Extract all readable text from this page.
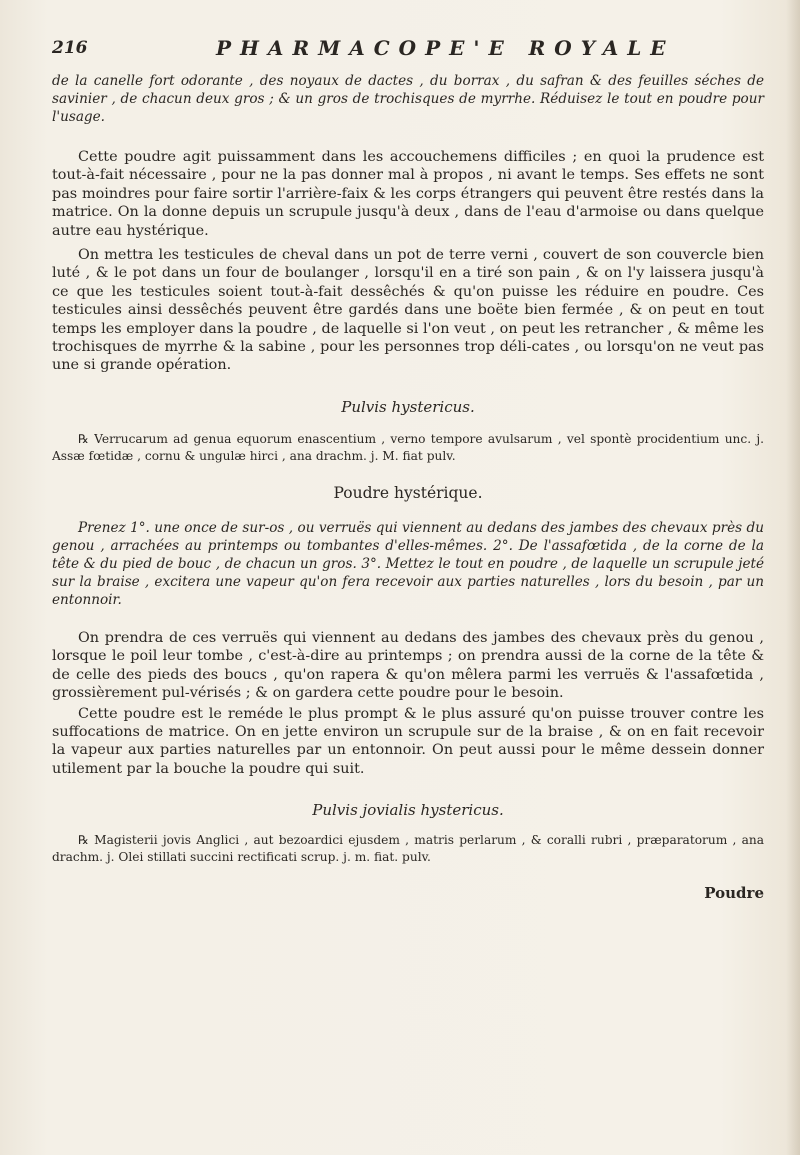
216	PHARMACOPE'E ROYALE

de la canelle fort odorante , des noyaux de dactes , du borrax , du safran & des feuilles séches de savinier , de chacun deux gros ; & un gros de trochisques de myrrhe. Réduisez le tout en poudre pour l'usage.

Cette poudre agit puissamment dans les accouchemens difficiles ; en quoi la prudence est tout-à-fait nécessaire , pour ne la pas donner mal à propos , ni avant le temps. Ses effets ne sont pas moindres pour faire sortir l'arrière-faix & les corps étrangers qui peuvent être restés dans la matrice. On la donne depuis un scrupule jusqu'à deux , dans de l'eau d'armoise ou dans quelque autre eau hystérique.

On mettra les testicules de cheval dans un pot de terre verni , couvert de son couvercle bien luté , & le pot dans un four de boulanger , lorsqu'il en a tiré son pain , & on l'y laissera jusqu'à ce que les testicules soient tout-à-fait dessêchés & qu'on puisse les réduire en poudre. Ces testicules ainsi dessêchés peuvent être gardés dans une boëte bien fermée , & on peut en tout temps les employer dans la poudre , de laquelle si l'on veut , on peut les retrancher , & même les trochisques de myrrhe & la sabine , pour les personnes trop déli-cates , ou lorsqu'on ne veut pas une si grande opération.

Pulvis hystericus.

℞ Verrucarum ad genua equorum enascentium , verno tempore avulsarum , vel spontè procidentium unc. j. Assæ fœtidæ , cornu & ungulæ hirci , ana drachm. j. M. fiat pulv.

Poudre hystérique.

Prenez 1°. une once de sur-os , ou verruës qui viennent au dedans des jambes des chevaux près du genou , arrachées au printemps ou tombantes d'elles-mêmes. 2°. De l'assafœtida , de la corne de la tête & du pied de bouc , de chacun un gros. 3°. Mettez le tout en poudre , de laquelle un scrupule jeté sur la braise , excitera une vapeur qu'on fera recevoir aux parties naturelles , lors du besoin , par un entonnoir.

On prendra de ces verruës qui viennent au dedans des jambes des chevaux près du genou , lorsque le poil leur tombe , c'est-à-dire au printemps ; on prendra aussi de la corne de la tête & de celle des pieds des boucs , qu'on rapera & qu'on mêlera parmi les verruës & l'assafœtida , grossièrement pul-vérisés ; & on gardera cette poudre pour le besoin.

Cette poudre est le reméde le plus prompt & le plus assuré qu'on puisse trouver contre les suffocations de matrice. On en jette environ un scrupule sur de la braise , & on en fait recevoir la vapeur aux parties naturelles par un entonnoir. On peut aussi pour le même dessein donner utilement par la bouche la poudre qui suit.

Pulvis jovialis hystericus.

℞ Magisterii jovis Anglici , aut bezoardici ejusdem , matris perlarum , & coralli rubri , præparatorum , ana drachm. j. Olei stillati succini rectificati scrup. j. m. fiat. pulv.

Poudre
